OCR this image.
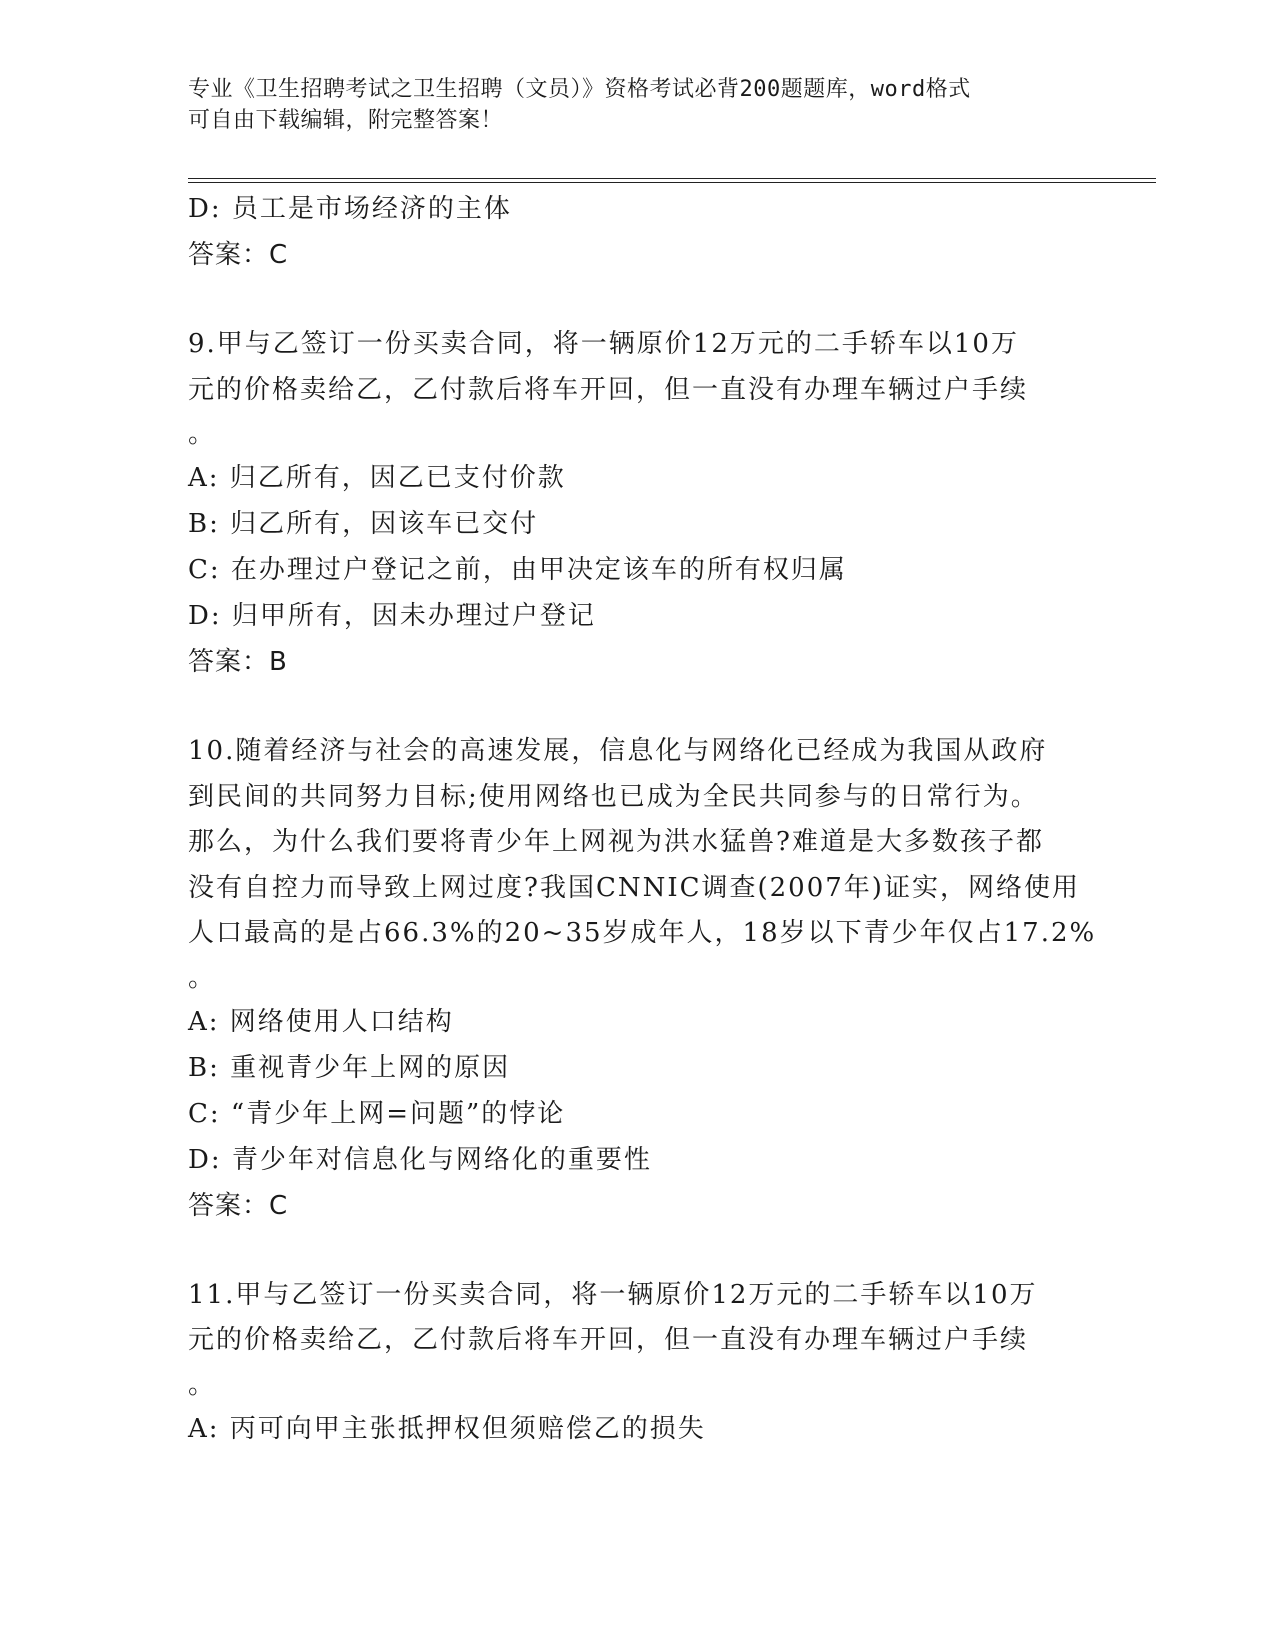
专业《卫生招聘考试之卫生招聘（文员）》资格考试必背200题题库，word格式
可自由下载编辑，附完整答案！
D: 员工是市场经济的主体
答案：C
9.甲与乙签订一份买卖合同，将一辆原价12万元的二手轿车以10万
元的价格卖给乙，乙付款后将车开回，但一直没有办理车辆过户手续
。
A: 归乙所有，因乙已支付价款
B: 归乙所有，因该车已交付
C: 在办理过户登记之前，由甲决定该车的所有权归属
D: 归甲所有，因未办理过户登记
答案：B
10.随着经济与社会的高速发展，信息化与网络化已经成为我国从政府
到民间的共同努力目标;使用网络也已成为全民共同参与的日常行为。
那么，为什么我们要将青少年上网视为洪水猛兽?难道是大多数孩子都
没有自控力而导致上网过度?我国CNNIC调查(2007年)证实，网络使用
人口最高的是占66.3%的20~35岁成年人，18岁以下青少年仅占17.2%
。
A: 网络使用人口结构
B: 重视青少年上网的原因
C: “青少年上网=问题”的悖论
D: 青少年对信息化与网络化的重要性
答案：C
11.甲与乙签订一份买卖合同，将一辆原价12万元的二手轿车以10万
元的价格卖给乙，乙付款后将车开回，但一直没有办理车辆过户手续
。
A: 丙可向甲主张抵押权但须赔偿乙的损失
